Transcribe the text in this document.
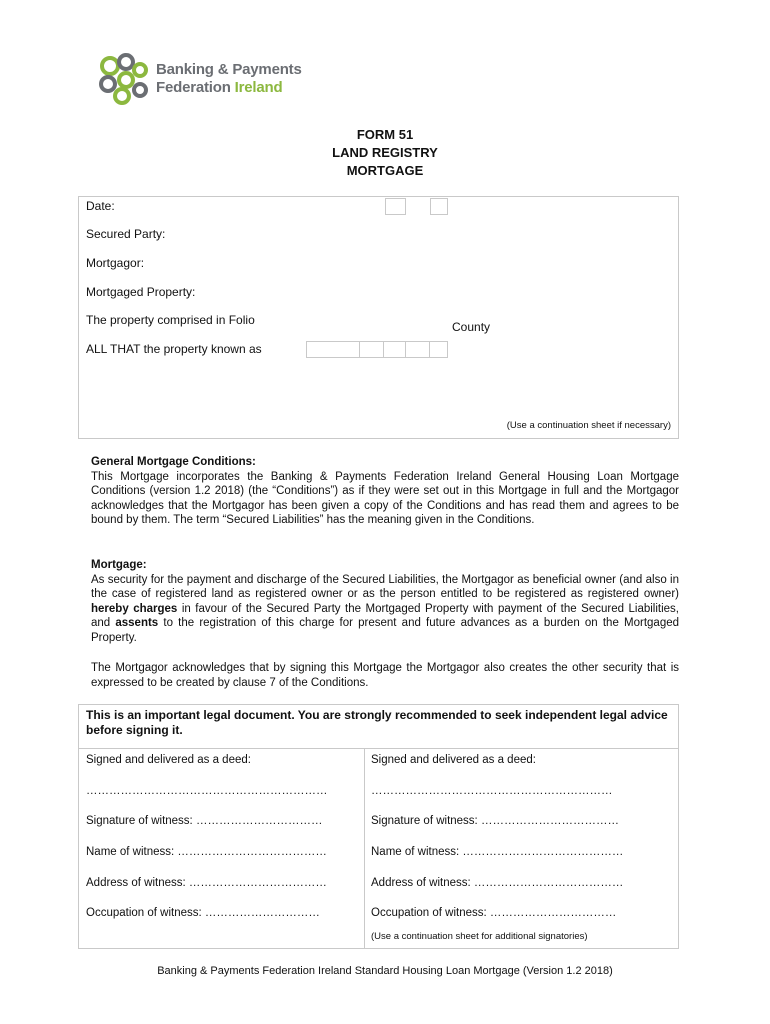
Banking & Payments
Federation Ireland
FORM 51
LAND REGISTRY
MORTGAGE
Date:
Secured Party:
Mortgagor:
Mortgaged Property:
The property comprised in Folio	County
ALL THAT the property known as
(Use a continuation sheet if necessary)
General Mortgage Conditions:
This Mortgage incorporates the Banking & Payments Federation Ireland General Housing Loan Mortgage Conditions (version 1.2 2018) (the “Conditions”) as if they were set out in this Mortgage in full and the Mortgagor acknowledges that the Mortgagor has been given a copy of the Conditions and has read them and agrees to be bound by them. The term “Secured Liabilities” has the meaning given in the Conditions.
Mortgage:
As security for the payment and discharge of the Secured Liabilities, the Mortgagor as beneficial owner (and also in the case of registered land as registered owner or as the person entitled to be registered as registered owner) hereby charges in favour of the Secured Party the Mortgaged Property with payment of the Secured Liabilities, and assents to the registration of this charge for present and future advances as a burden on the Mortgaged Property.
The Mortgagor acknowledges that by signing this Mortgage the Mortgagor also creates the other security that is expressed to be created by clause 7 of the Conditions.
This is an important legal document. You are strongly recommended to seek independent legal advice before signing it.
Signed and delivered as a deed:
………………………………………………………
Signature of witness: ……………………………
Name of witness: …………………………………
Address of witness: ………………………………
Occupation of witness: …………………………
Signed and delivered as a deed:
………………………………………………………
Signature of witness: ………………………………
Name of witness: ……………………………………
Address of witness: …………………………………
Occupation of witness: ……………………………
(Use a continuation sheet for additional signatories)
Banking & Payments Federation Ireland Standard Housing Loan Mortgage (Version 1.2 2018)
